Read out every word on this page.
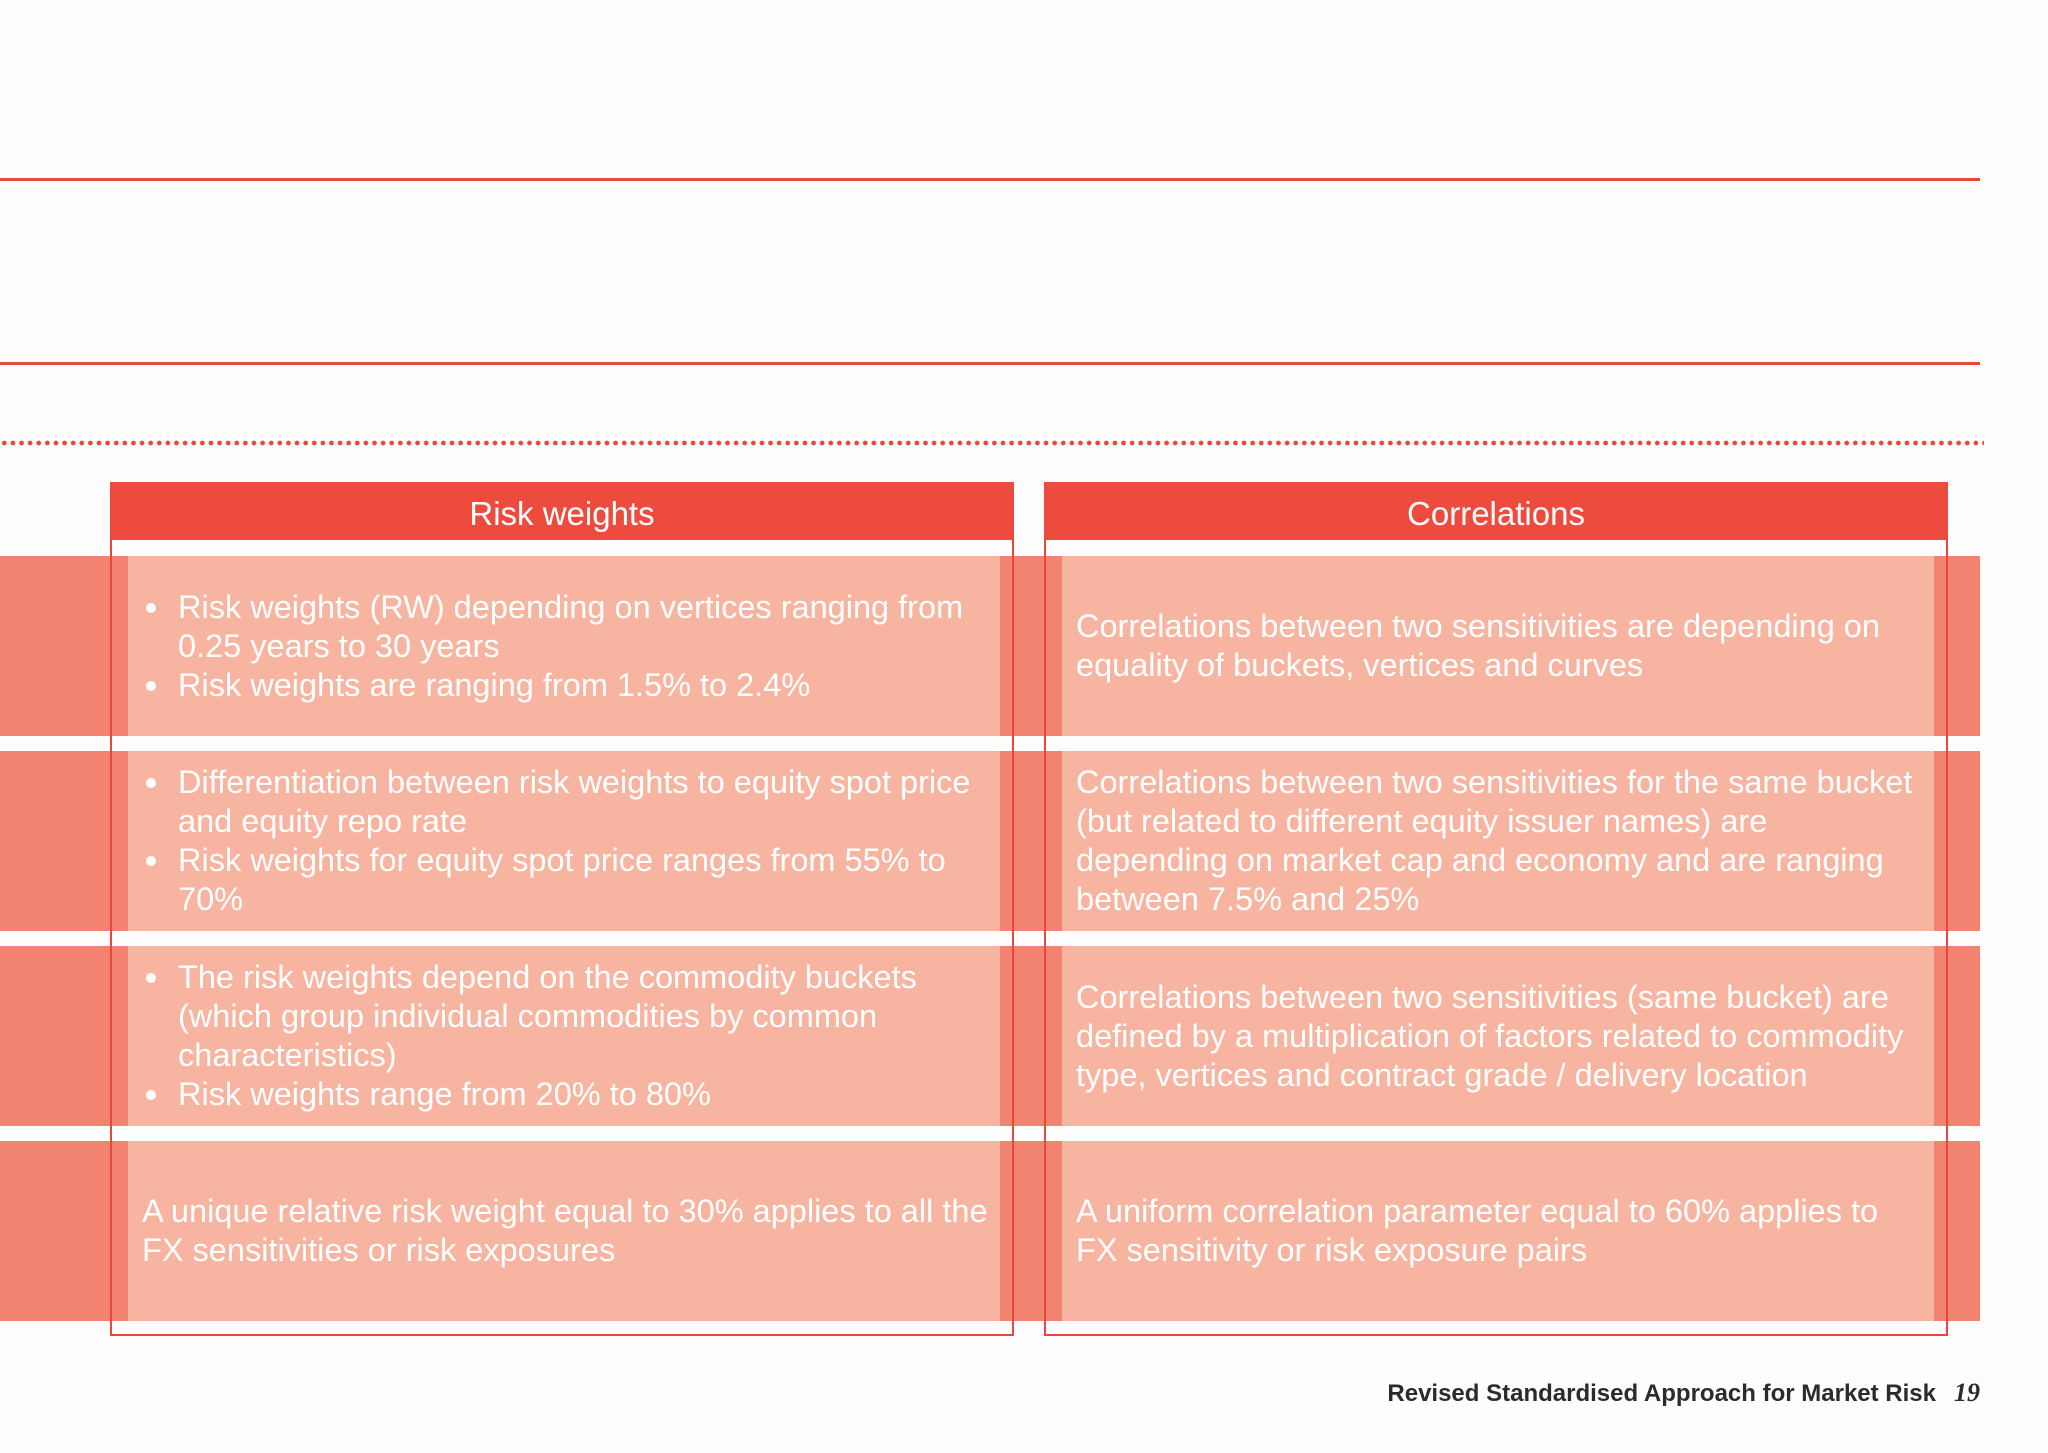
Risk weights	Correlations
Risk weights (RW) depending on vertices ranging from 0.25 years to 30 years
Risk weights are ranging from 1.5% to 2.4%

Correlations between two sensitivities are depending on equality of buckets, vertices and curves

Differentiation between risk weights to equity spot price and equity repo rate
Risk weights for equity spot price ranges from 55% to 70%

Correlations between two sensitivities for the same bucket (but related to different equity issuer names) are depending on market cap and economy and are ranging between 7.5% and 25%

The risk weights depend on the commodity buckets (which group individual commodities by common characteristics)
Risk weights range from 20% to 80%

Correlations between two sensitivities (same bucket) are defined by a multiplication of factors related to commodity type, vertices and contract grade / delivery location

A unique relative risk weight equal to 30% applies to all the FX sensitivities or risk exposures

A uniform correlation parameter equal to 60% applies to FX sensitivity or risk exposure pairs

Revised Standardised Approach for Market Risk 19
